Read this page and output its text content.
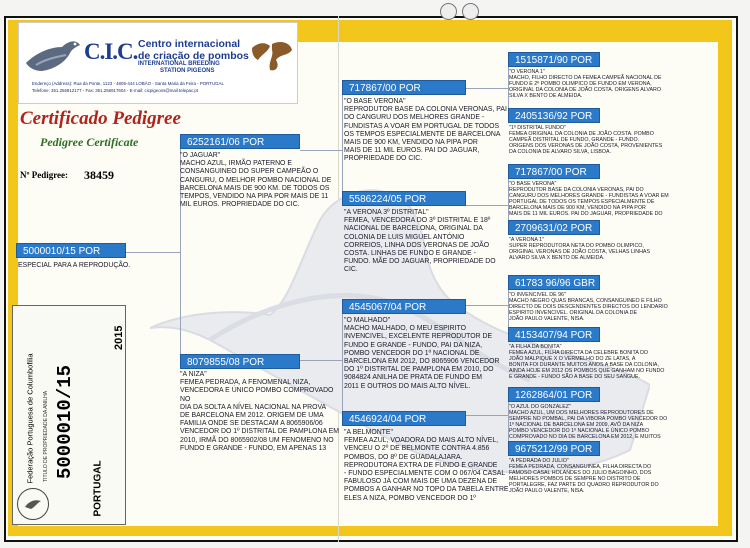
C.I.C. Centro internacional
de criação de pombos
INTERNATIONAL BREEDING
STATION PIGEONS
Endereço (Address): Rua da Ponte, 1123 - 4805-444 LOBÃO - Santa Maria da Feira - PORTUGAL
Telefone: 351.256912177 - Fax: 351.256917604 - E-mail: cicpigeons@mail.telepac.pt
Certificado Pedigree
Pedigree Certificate
Nº Pedigree: 38459
5000010/15 POR
ESPECIAL PARA A REPRODUÇÃO.
6252161/06 POR
"O JAGUAR"
MACHO AZUL, IRMÃO PATERNO E
CONSANGUINEO DO SUPER CAMPEÃO O
CANGURU, O MELHOR POMBO NACIONAL DE
BARCELONA MAIS DE 900 KM. DE TODOS OS
TEMPOS, VENDIDO NA PIPA POR MAIS DE 11
MIL EUROS. PROPRIEDADE DO CIC.
8079855/08 POR
"A NIZA"
FEMEA PEDRADA, A FENOMENAL NIZA,
VENCEDORA E ÚNICO POMBO COMPROVADO NO
DIA DA SOLTA A NÍVEL NACIONAL NA PROVA
DE BARCELONA EM 2012. ORIGEM DE UMA
FAMILIA ONDE SE DESTACAM A 8065906/06
VENCEDOR DO 1º DISTRITAL DE PAMPLONA EM
2010, IRMÃ DO 8065902/08 UM FENOMENO NO
FUNDO E GRANDE - FUNDO, EM APENAS 13
717867/00 POR
"O BASE VERONA"
REPRODUTOR BASE DA COLONIA VERONAS, PAI
DO CANGURU DOS MELHORES GRANDE -
FUNDISTAS A VOAR EM PORTUGAL DE TODOS
OS TEMPOS ESPECIALMENTE DE BARCELONA
MAIS DE 900 KM, VENDIDO NA PIPA POR
MAIS DE 11 MIL EUROS. PAI DO JAGUAR,
PROPRIEDADE DO CIC.
5586224/05 POR
"A VERONA 3º DISTRITAL"
FEMEA, VENCEDORA DO 3º DISTRITAL E 18º
NACIONAL DE BARCELONA, ORIGINAL DA
COLONIA DE LUIS MIGUEL ANTÓNIO
CORREIOS, LINHA DOS VERONAS DE JOÃO
COSTA. LINHAS DE FUNDO E GRANDE -
FUNDO. MÃE DO JAGUAR, PROPRIEDADE DO
CIC.
4545067/04 POR
"O MALHADO"
MACHO MALHADO, O MEU ESPIRITO
INVENCIVEL, EXCELENTE REPRODUTOR DE
FUNDO E GRANDE - FUNDO, PAI DA NIZA,
POMBO VENCEDOR DO 1º NACIONAL DE
BARCELONA EM 2012, DO 8065906 VENCEDOR
DO 1º DISTRITAL DE PAMPLONA EM 2010, DO
9084824 ANILHA DE PRATA DE FUNDO EM
2011 E OUTROS DO MAIS ALTO NÍVEL.
4546924/04 POR
"A BELMONTE"
FEMEA AZUL, VOADORA DO MAIS ALTO NÍVEL,
VENCEU O 2º DE BELMONTE CONTRA 4.856
POMBOS, DO 8º DE GUADALAJARA.
REPRODUTORA EXTRA DE FUNDO E GRANDE
- FUNDO ESPECIALMENTE COM O 067/04 CASAL
FABULOSO JÁ COM MAIS DE UMA DEZENA DE
POMBOS A GANHAR NO TOPO DA TABELA ENTRE
ELES A NIZA, POMBO VENCEDOR DO 1º
1515871/90 POR
"O VERONA 1"
MACHO, FILHO DIRECTO DA FEMEA CAMPEÃ NACIONAL DE
FUNDO E 2º POMBO OLIMPICO DE FUNDO EM VERONA,
ORIGINAL DA COLONIA DE JOÃO COSTA. ORIGENS ALVARO
SILVA X BENTO DE ALMEIDA.
2405136/92 POR
"1º DISTRITAL FUNDO"
FEMEA ORIGINAL DA COLONIA DE JOÃO COSTA. POMBO
CAMPEÃ DISTRITAL DE FUNDO, GRANDE - FUNDO.
ORIGENS DOS VERONAS DE JOÃO COSTA, PROVENIENTES
DA COLONIA DE ALVARO SILVA, LISBOA.
717867/00 POR
"O BASE VERONA"
REPRODUTOR BASE DA COLONIA VERONAS, PAI DO
CANGURU DOS MELHORES GRANDE - FUNDISTAS A VOAR EM
PORTUGAL DE TODOS OS TEMPOS ESPECIALMENTE DE
BARCELONA MAIS DE 900 KM, VENDIDO NA PIPA POR
MAIS DE 11 MIL EUROS. PAI DO JAGUAR, PROPRIEDADE DO
2709631/02 POR
"A VERONA 1"
SUPER REPRODUTORA NETA DO POMBO OLIMPICO,
ORIGINAL VERONAS DE JOÃO COSTA, VELHAS LINHAS
ALVARO SILVA X BENTO DE ALMEIDA.
61783 96/96 GBR
"O INVENCIVEL DE 96"
MACHO NEGRO QUAS BRANCAS, CONSANGUINEO E FILHO
DIRECTO DE DOIS DESCENDENTES DIRECTOS DO LENDARIO
ESPIRITO INVENCIVEL. ORIGINAL DA COLONIA DE
JOÃO PAULO VALENTE, NISA.
4153407/94 POR
"A FILHA DA BONITA"
FEMEA AZUL, FILHA DIRECTA DA CELEBRE BONITA DO
JOÃO MALPIQUE X O VERMELHO DO ZE LATAS, A
BONITA FOI DURANTE MUITOS ANOS A BASE DA COLONIA,
AINDA HOJE EM 2012 OS POMBOS QUE GANHAM NO FUNDO
E GRANDE - FUNDO SÃO A BASE DO SEU SANGUE.
1262864/01 POR
"O AZUL DO GONZALEZ"
MACHO AZUL, UM DOS MELHORES REPRODUTORES DE
SEMPRE NO POMBAL, PAI DA VIBORA POMBO VENCEDOR DO
1º NACIONAL DE BARCELONA EM 2009, AVÔ DA NIZA
POMBO VENCEDOR DO 1º NACIONAL E ÚNICO POMBO
COMPROVADO NO DIA DE BARCELONA EM 2012, E MUITOS
9675212/99 POR
"A PEDRADA DO JULIO"
FEMEA PEDRADA, CONSANGUINEA, FILHA DIRECTA DO
FAMOSO CASAL HOLANDES DO JULIO BAGOINHO, DOS
MELHORES POMBOS DE SEMPRE NO DISTRITO DE
PORTALEGRE, FAZ PARTE DO QUADRO REPRODUTOR DO
JOÃO PAULO VALENTE, NISA.
Federação Portuguesa de Columbofilia TITULO DE PROPRIEDADE DA ANILHA 5000010/15
PORTUGAL
2015
